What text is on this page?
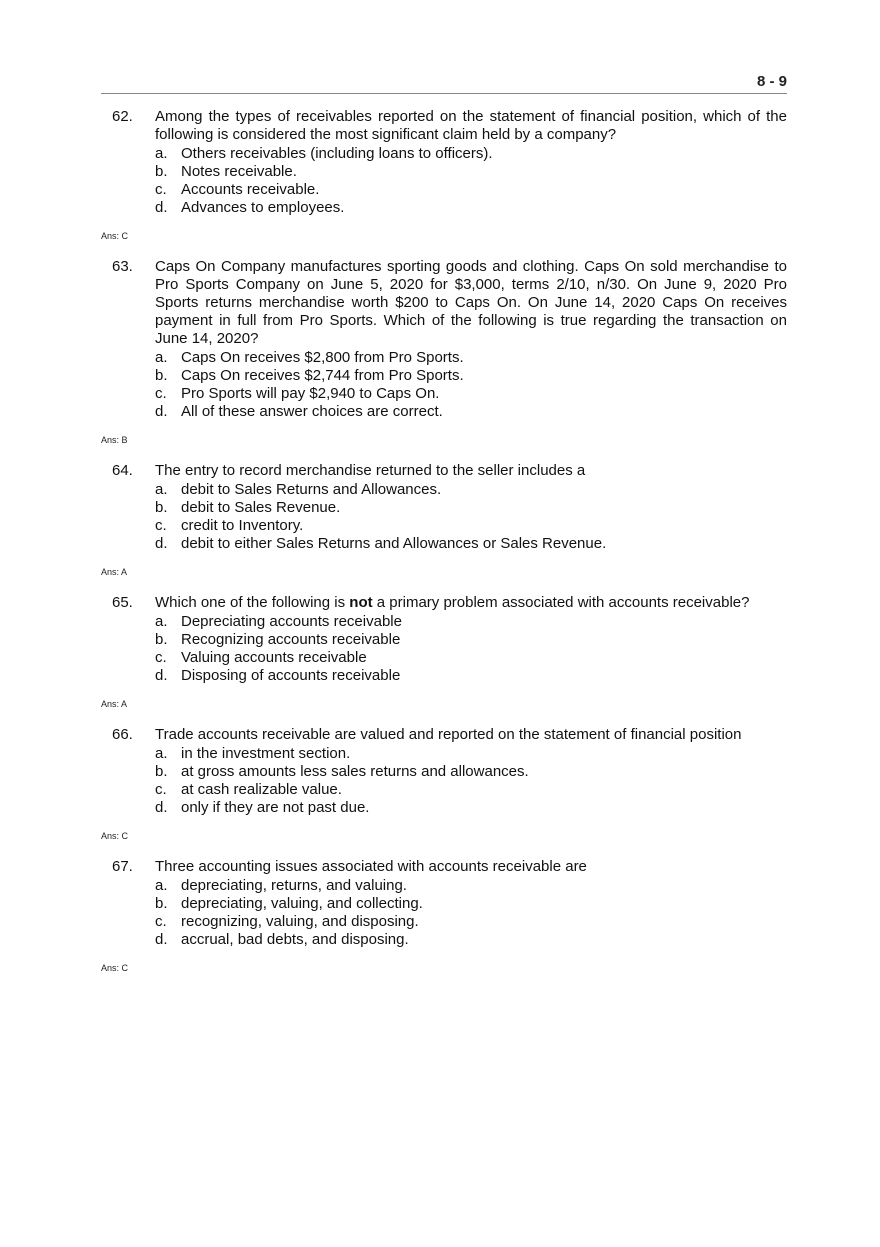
8 - 9
62.	Among the types of receivables reported on the statement of financial position, which of the following is considered the most significant claim held by a company?
a. Others receivables (including loans to officers).
b. Notes receivable.
c. Accounts receivable.
d. Advances to employees.
Ans: C
63.	Caps On Company manufactures sporting goods and clothing. Caps On sold merchandise to Pro Sports Company on June 5, 2020 for $3,000, terms 2/10, n/30. On June 9, 2020 Pro Sports returns merchandise worth $200 to Caps On. On June 14, 2020 Caps On receives payment in full from Pro Sports. Which of the following is true regarding the transaction on June 14, 2020?
a. Caps On receives $2,800 from Pro Sports.
b. Caps On receives $2,744 from Pro Sports.
c. Pro Sports will pay $2,940 to Caps On.
d. All of these answer choices are correct.
Ans: B
64.	The entry to record merchandise returned to the seller includes a
a. debit to Sales Returns and Allowances.
b. debit to Sales Revenue.
c. credit to Inventory.
d. debit to either Sales Returns and Allowances or Sales Revenue.
Ans: A
65.	Which one of the following is not a primary problem associated with accounts receivable?
a. Depreciating accounts receivable
b. Recognizing accounts receivable
c. Valuing accounts receivable
d. Disposing of accounts receivable
Ans: A
66.	Trade accounts receivable are valued and reported on the statement of financial position
a. in the investment section.
b. at gross amounts less sales returns and allowances.
c. at cash realizable value.
d. only if they are not past due.
Ans: C
67.	Three accounting issues associated with accounts receivable are
a. depreciating, returns, and valuing.
b. depreciating, valuing, and collecting.
c. recognizing, valuing, and disposing.
d. accrual, bad debts, and disposing.
Ans: C
